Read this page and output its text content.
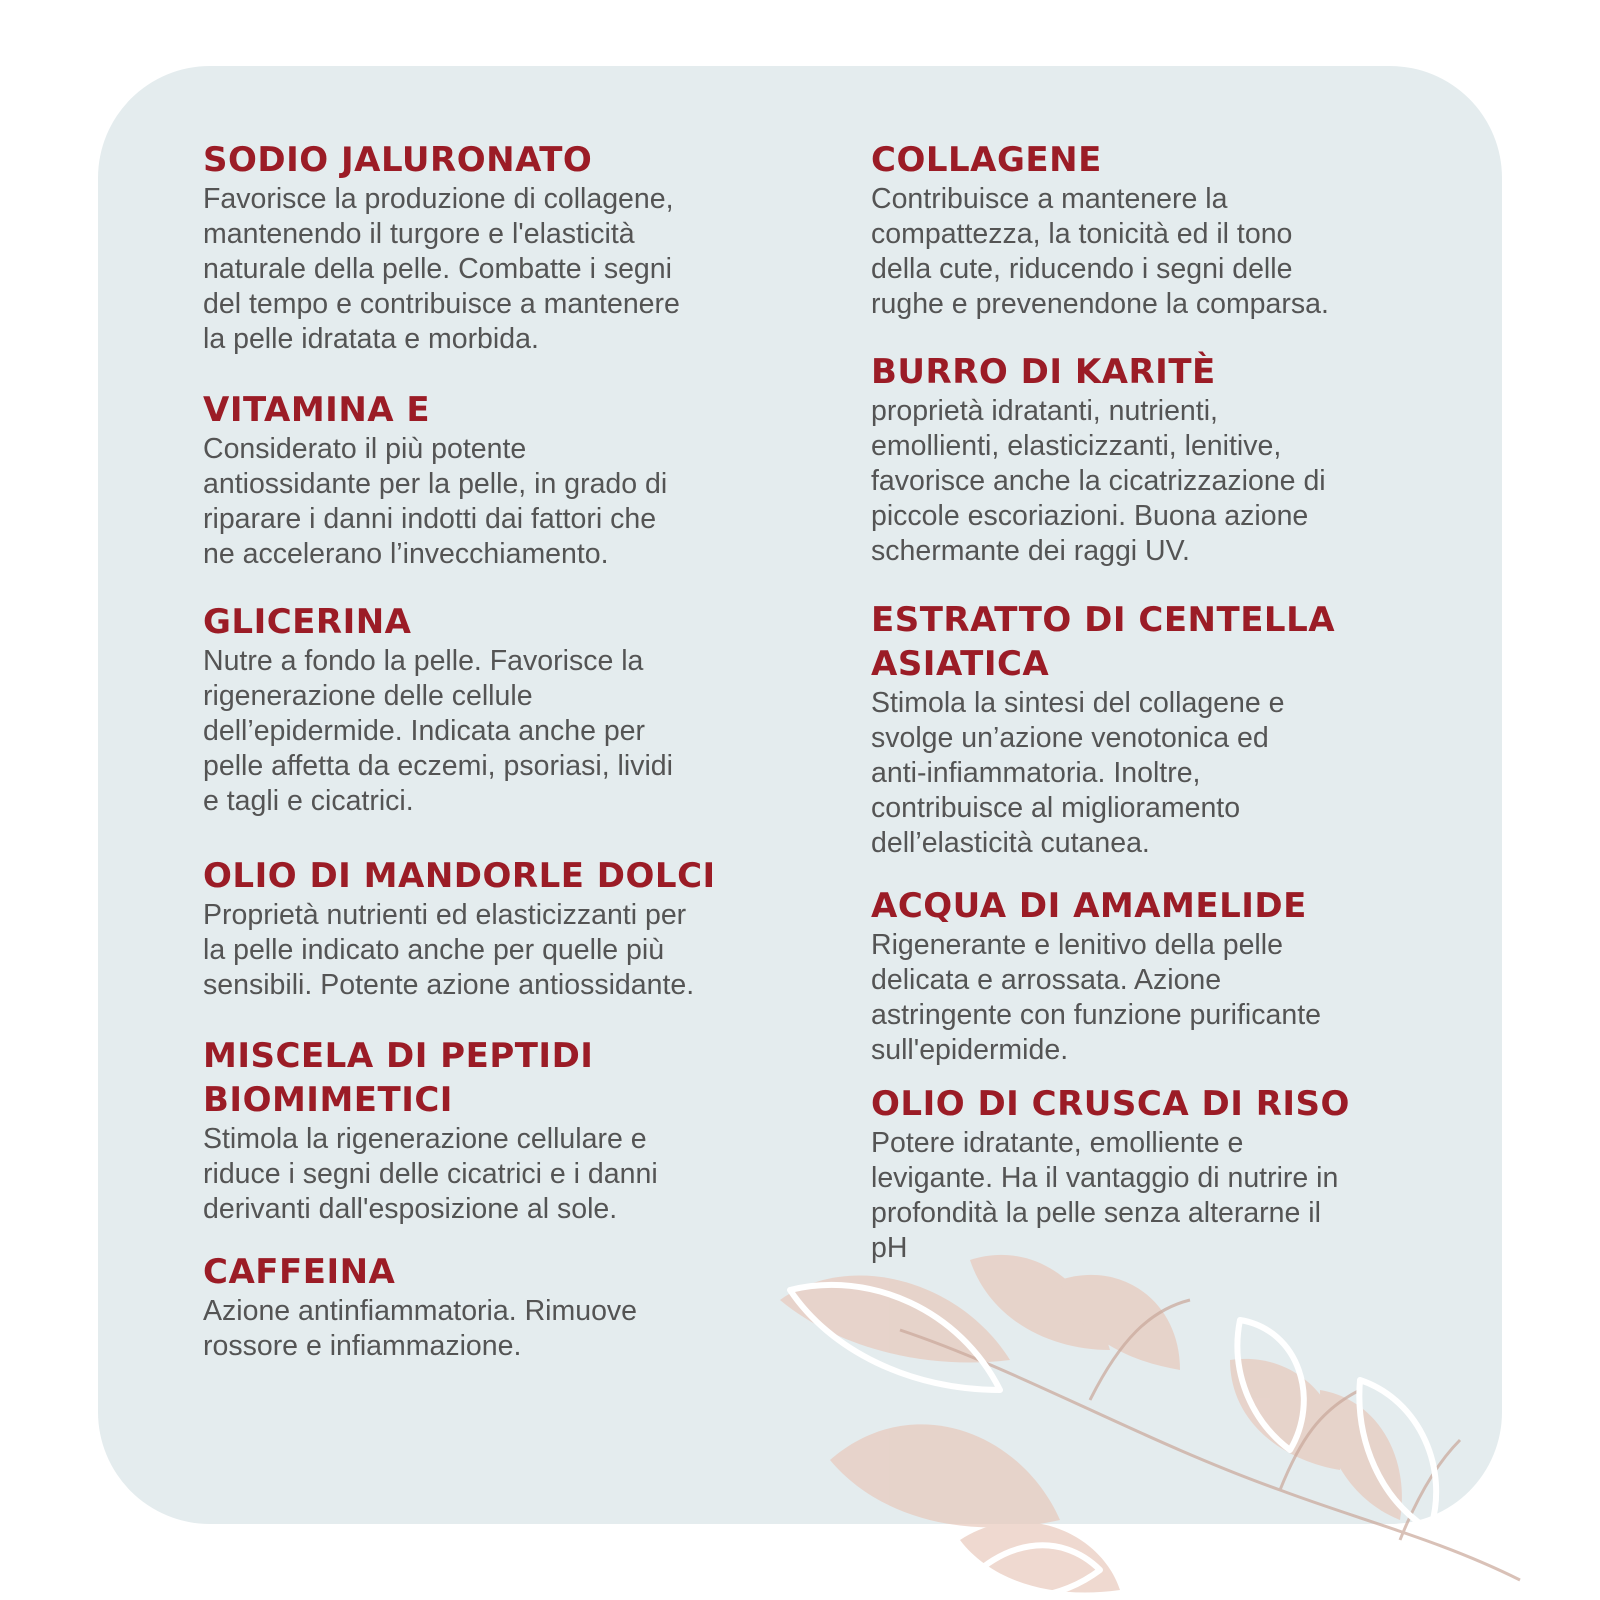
SODIO JALURONATO

Favorisce la produzione di collagene,
mantenendo il turgore e l'elasticità
naturale della pelle. Combatte i segni
del tempo e contribuisce a mantenere
la pelle idratata e morbida.

VITAMINA E

Considerato il più potente
antiossidante per la pelle, in grado di
riparare i danni indotti dai fattori che
ne accelerano l’invecchiamento.

GLICERINA

Nutre a fondo la pelle. Favorisce la
rigenerazione delle cellule
dell’epidermide. Indicata anche per
pelle affetta da eczemi, psoriasi, lividi
e tagli e cicatrici.

OLIO DI MANDORLE DOLCI

Proprietà nutrienti ed elasticizzanti per
la pelle indicato anche per quelle più
sensibili. Potente azione antiossidante.

MISCELA DI PEPTIDI
BIOMIMETICI

Stimola la rigenerazione cellulare e
riduce i segni delle cicatrici e i danni
derivanti dall'esposizione al sole.

CAFFEINA

Azione antinfiammatoria. Rimuove
rossore e infiammazione.

COLLAGENE

Contribuisce a mantenere la
compattezza, la tonicità ed il tono
della cute, riducendo i segni delle
rughe e prevenendone la comparsa.

BURRO DI KARITÈ

proprietà idratanti, nutrienti,
emollienti, elasticizzanti, lenitive,
favorisce anche la cicatrizzazione di
piccole escoriazioni. Buona azione
schermante dei raggi UV.

ESTRATTO DI CENTELLA
ASIATICA

Stimola la sintesi del collagene e
svolge un’azione venotonica ed
anti-infiammatoria. Inoltre,
contribuisce al miglioramento
dell’elasticità cutanea.

ACQUA DI AMAMELIDE

Rigenerante e lenitivo della pelle
delicata e arrossata. Azione
astringente con funzione purificante
sull'epidermide.

OLIO DI CRUSCA DI RISO

Potere idratante, emolliente e
levigante. Ha il vantaggio di nutrire in
profondità la pelle senza alterarne il
pH
